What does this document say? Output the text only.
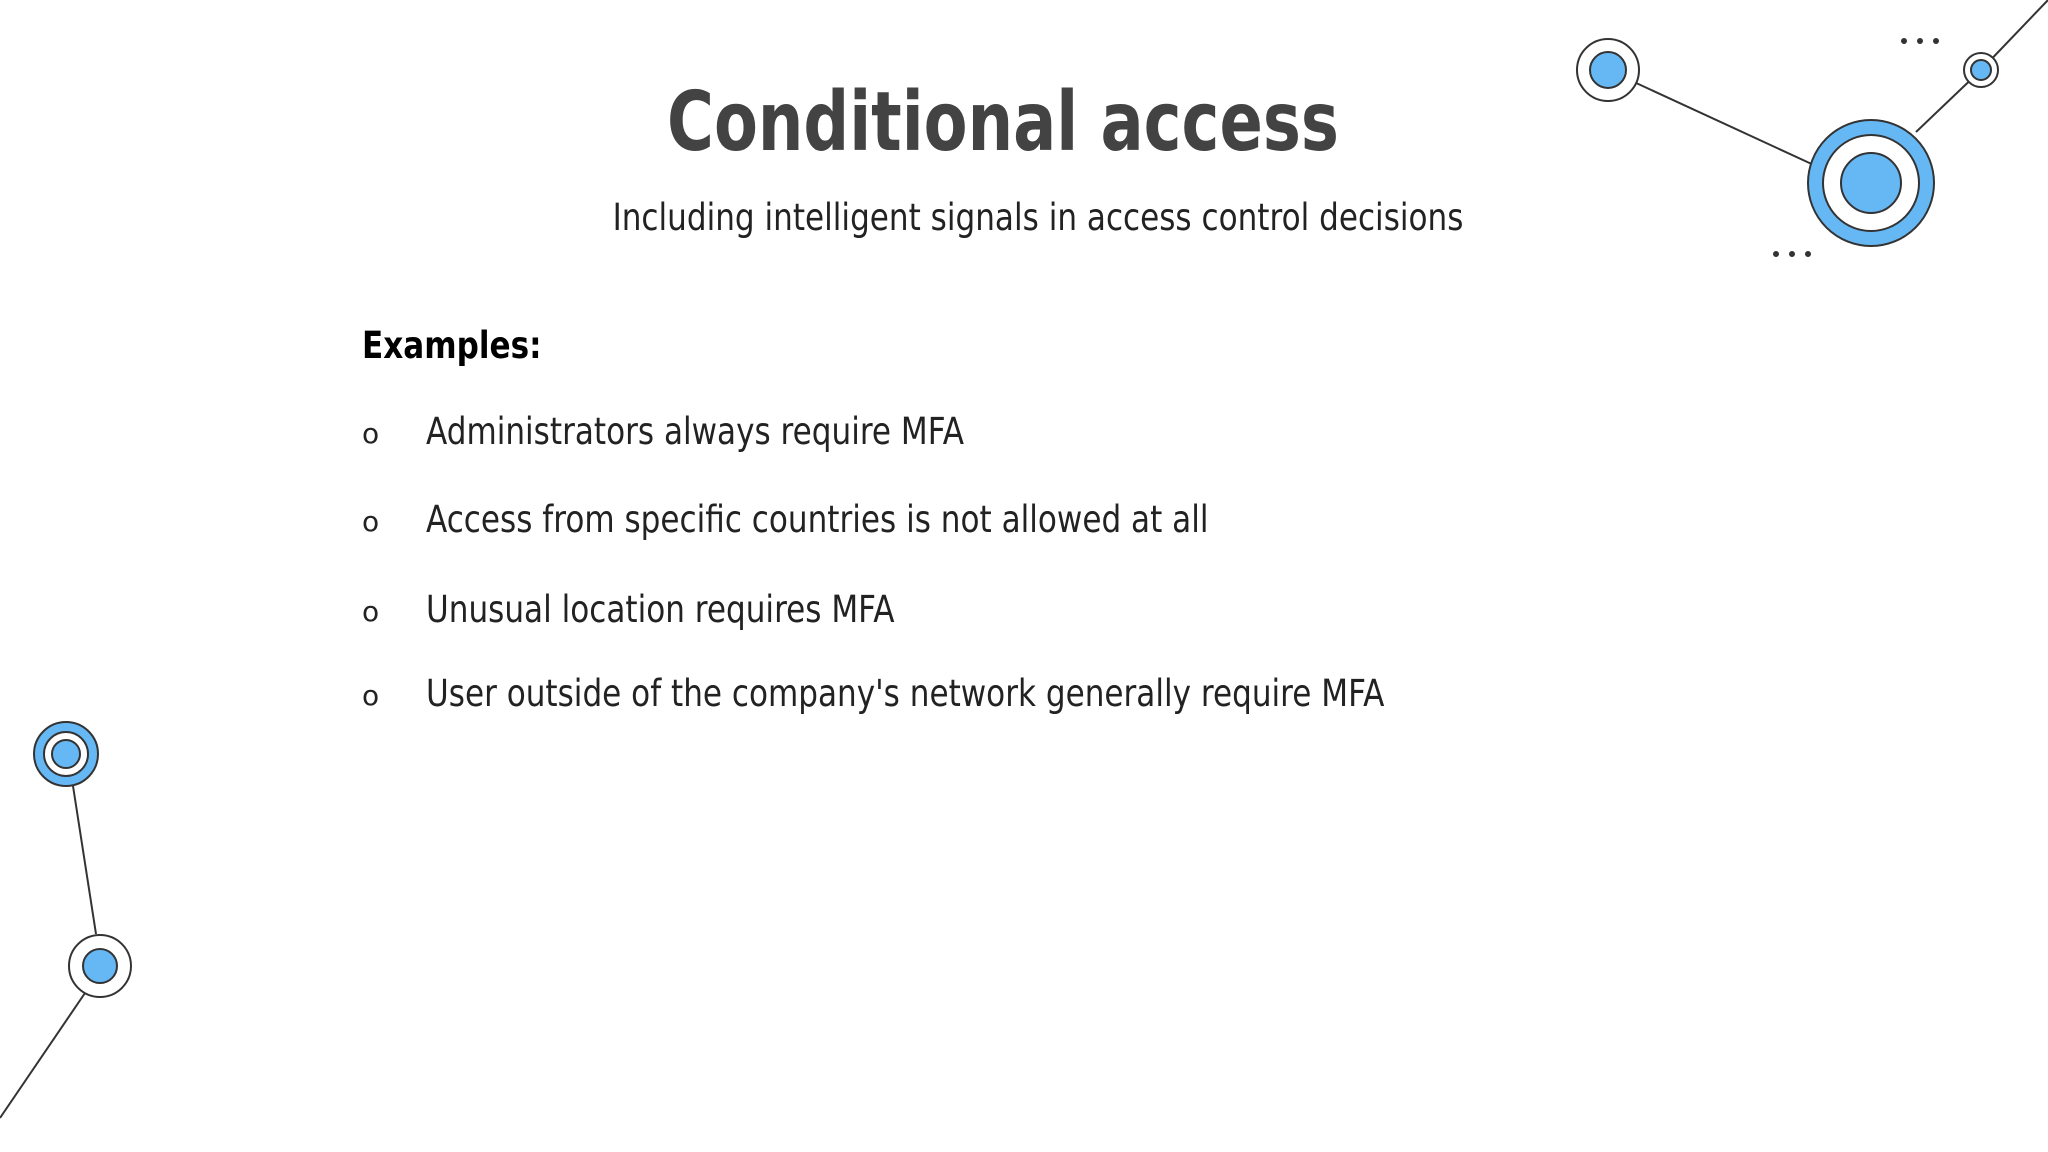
Conditional access
Including intelligent signals in access control decisions
Examples:
o Administrators always require MFA
o Access from specific countries is not allowed at all
o Unusual location requires MFA
o User outside of the company's network generally require MFA
